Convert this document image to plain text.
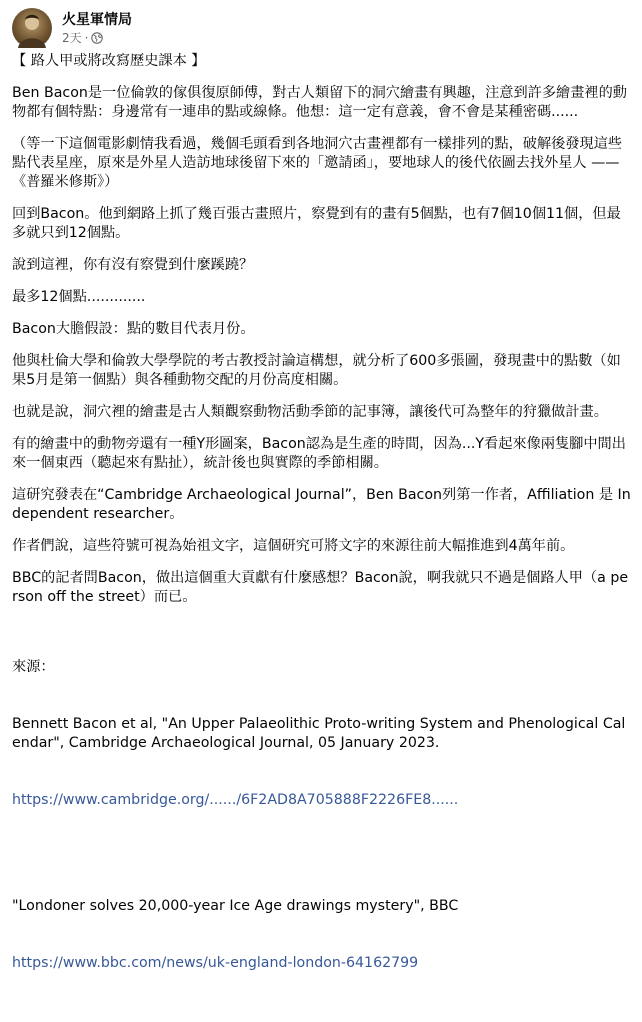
火星軍情局
2天 ·
【 路人甲或將改寫歷史課本 】
Ben Bacon是一位倫敦的傢俱復原師傅，對古人類留下的洞穴繪畫有興趣，注意到許多繪畫裡的動物都有個特點：身邊常有一連串的點或線條。他想：這一定有意義，會不會是某種密碼......
（等一下這個電影劇情我看過，幾個毛頭看到各地洞穴古畫裡都有一樣排列的點，破解後發現這些點代表星座，原來是外星人造訪地球後留下來的「邀請函」，要地球人的後代依圖去找外星人 —— 《普羅米修斯》）
回到Bacon。他到網路上抓了幾百張古畫照片，察覺到有的畫有5個點，也有7個10個11個，但最多就只到12個點。
說到這裡，你有沒有察覺到什麼蹊蹺？
最多12個點.............
Bacon大膽假設：點的數目代表月份。
他與杜倫大學和倫敦大學學院的考古教授討論這構想，就分析了600多張圖，發現畫中的點數（如果5月是第一個點）與各種動物交配的月份高度相關。
也就是說，洞穴裡的繪畫是古人類觀察動物活動季節的記事簿，讓後代可為整年的狩獵做計畫。
有的繪畫中的動物旁還有一種Y形圖案，Bacon認為是生產的時間，因為...Y看起來像兩隻腳中間出來一個東西（聽起來有點扯），統計後也與實際的季節相關。
這研究發表在“Cambridge Archaeological Journal”，Ben Bacon列第一作者，Affiliation 是 Independent researcher。
作者們說，這些符號可視為始祖文字，這個研究可將文字的來源往前大幅推進到4萬年前。
BBC的記者問Bacon，做出這個重大貢獻有什麼感想？Bacon說，啊我就只不過是個路人甲（a person off the street）而已。

來源：

Bennett Bacon et al, "An Upper Palaeolithic Proto-writing System and Phenological Calendar", Cambridge Archaeological Journal, 05 January 2023.

https://www.cambridge.org/....../6F2AD8A705888F2226FE8......

"Londoner solves 20,000-year Ice Age drawings mystery", BBC

https://www.bbc.com/news/uk-england-london-64162799
